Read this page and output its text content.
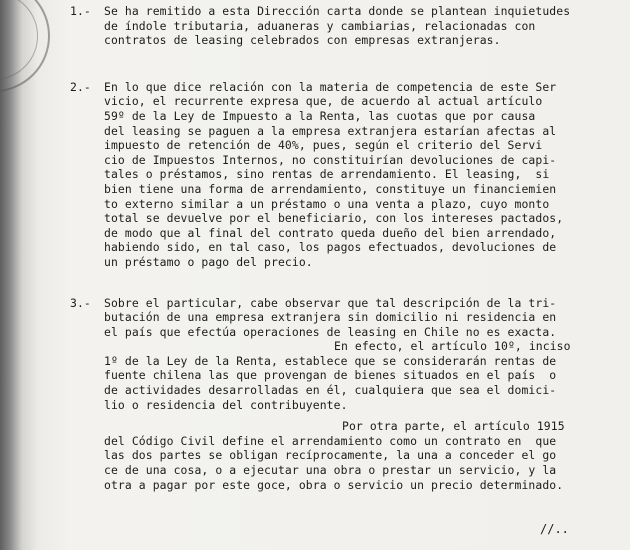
1.- Se ha remitido a esta Dirección carta donde se plantean inquietudes
de índole tributaria, aduaneras y cambiarias, relacionadas con
contratos de leasing celebrados con empresas extranjeras.
2.- En lo que dice relación con la materia de competencia de este Ser
vicio, el recurrente expresa que, de acuerdo al actual artículo
59º de la Ley de Impuesto a la Renta, las cuotas que por causa
del leasing se paguen a la empresa extranjera estarían afectas al
impuesto de retención de 40%, pues, según el criterio del Servi
cio de Impuestos Internos, no constituirían devoluciones de capi-
tales o préstamos, sino rentas de arrendamiento. El leasing,  si
bien tiene una forma de arrendamiento, constituye un financiemien
to externo similar a un préstamo o una venta a plazo, cuyo monto
total se devuelve por el beneficiario, con los intereses pactados,
de modo que al final del contrato queda dueño del bien arrendado,
habiendo sido, en tal caso, los pagos efectuados, devoluciones de
un préstamo o pago del precio.
3.- Sobre el particular, cabe observar que tal descripción de la tri-
butación de una empresa extranjera sin domicilio ni residencia en
el país que efectúa operaciones de leasing en Chile no es exacta.
En efecto, el artículo 10º, inciso
1º de la Ley de la Renta, establece que se considerarán rentas de
fuente chilena las que provengan de bienes situados en el país  o
de actividades desarrolladas en él, cualquiera que sea el domici-
lio o residencia del contribuyente.
Por otra parte, el artículo 1915
del Código Civil define el arrendamiento como un contrato en  que
las dos partes se obligan recíprocamente, la una a conceder el go
ce de una cosa, o a ejecutar una obra o prestar un servicio, y la
otra a pagar por este goce, obra o servicio un precio determinado.
//..
